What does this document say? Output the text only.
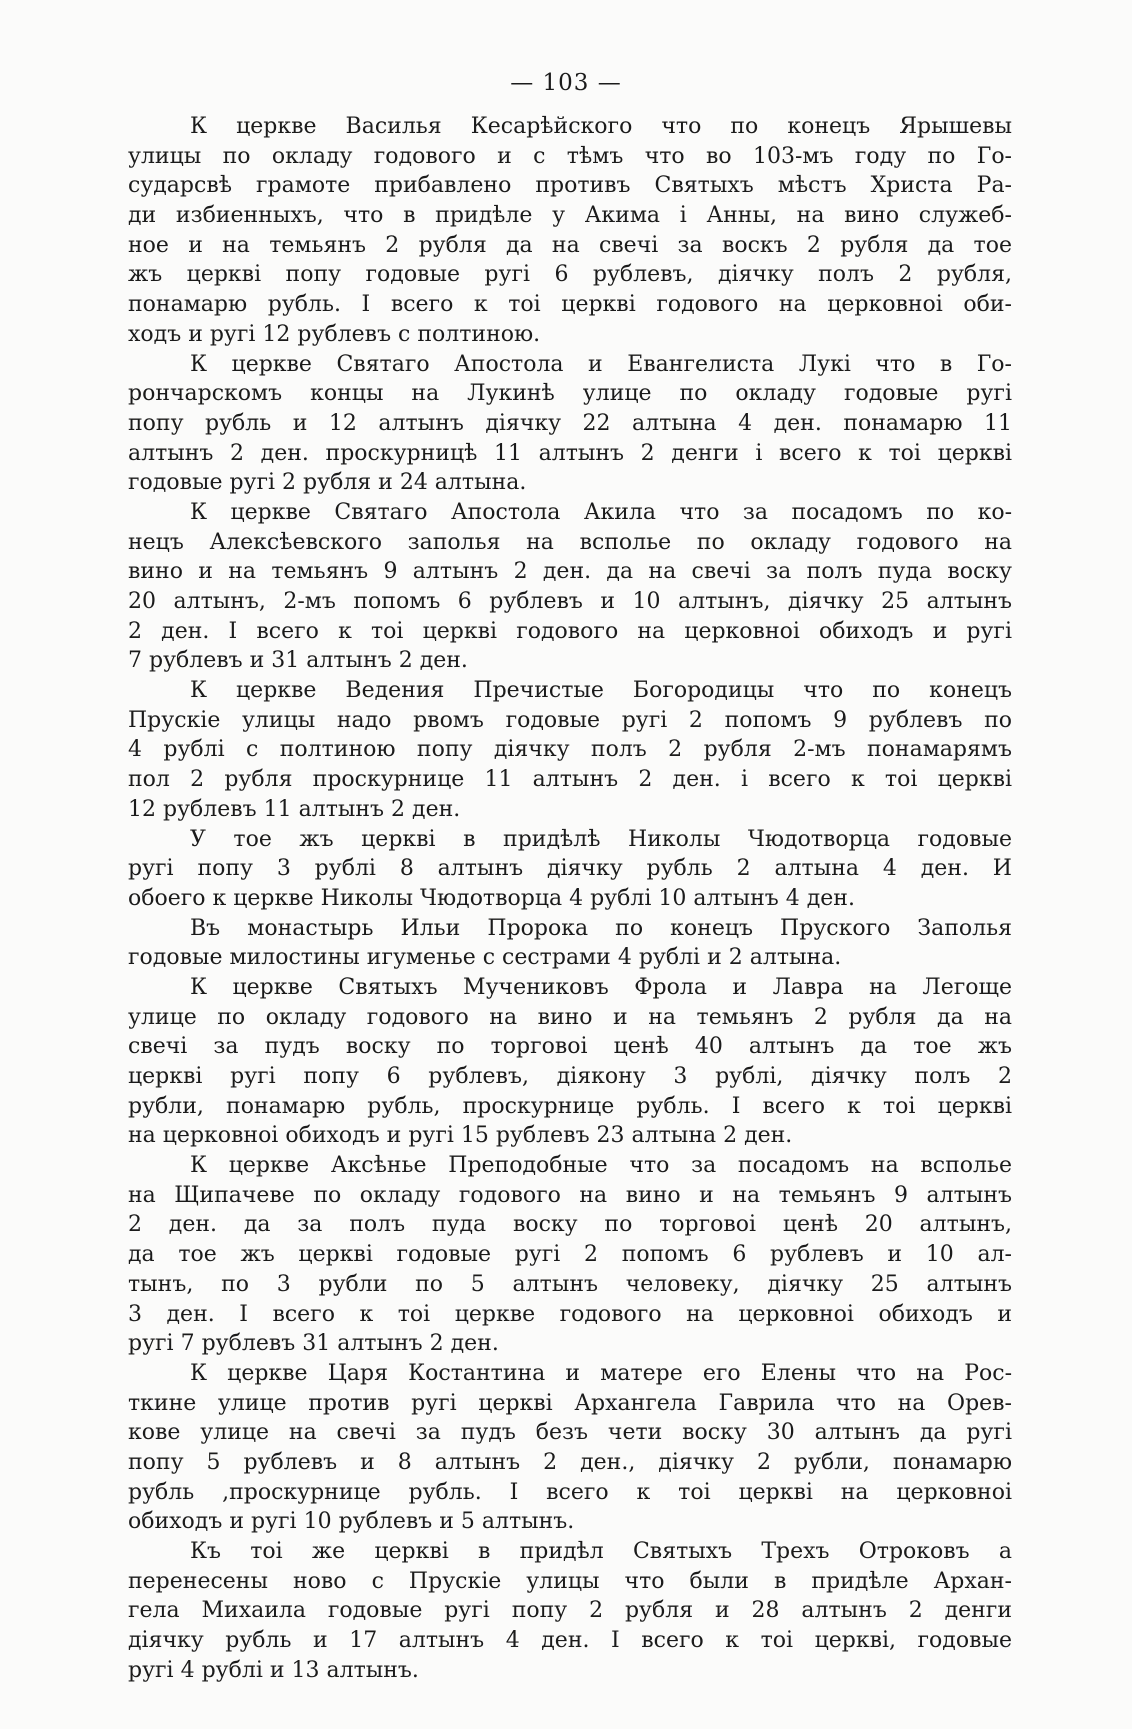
— 103 —

К церкве Василья Кесарѣйского что по конецъ Ярышевы
улицы по окладу годового и с тѣмъ что во 103-мъ году по Го-
сударсвѣ грамоте прибавлено противъ Святыхъ мѣстъ Христа Ра-
ди избиенныхъ, что в придѣле у Акима і Анны, на вино служеб-
ное и на темьянъ 2 рубля да на свечі за воскъ 2 рубля да тое
жъ церкві попу годовые ругі 6 рублевъ, діячку полъ 2 рубля,
понамарю рубль. І всего к тоі церкві годового на церковноі оби-
ходъ и ругі 12 рублевъ с полтиною.

К церкве Святаго Апостола и Евангелиста Лукі что в Го-
рончарскомъ концы на Лукинѣ улице по окладу годовые ругі
попу рубль и 12 алтынъ діячку 22 алтына 4 ден. понамарю 11
алтынъ 2 ден. проскурницѣ 11 алтынъ 2 денги і всего к тоі церкві
годовые ругі 2 рубля и 24 алтына.

К церкве Святаго Апостола Акила что за посадомъ по ко-
нецъ Алексѣевского заполья на всполье по окладу годового на
вино и на темьянъ 9 алтынъ 2 ден. да на свечі за полъ пуда воску
20 алтынъ, 2-мъ попомъ 6 рублевъ и 10 алтынъ, діячку 25 алтынъ
2 ден. І всего к тоі церкві годового на церковноі обиходъ и ругі
7 рублевъ и 31 алтынъ 2 ден.

К церкве Ведения Пречистые Богородицы что по конецъ
Прускіе улицы надо рвомъ годовые ругі 2 попомъ 9 рублевъ по
4 рублі с полтиною попу діячку полъ 2 рубля 2-мъ понамарямъ
пол 2 рубля проскурнице 11 алтынъ 2 ден. і всего к тоі церкві
12 рублевъ 11 алтынъ 2 ден.

У тое жъ церкві в придѣлѣ Николы Чюдотворца годовые
ругі попу 3 рублі 8 алтынъ діячку рубль 2 алтына 4 ден. И
обоего к церкве Николы Чюдотворца 4 рублі 10 алтынъ 4 ден.

Въ монастырь Ильи Пророка по конецъ Пруского Заполья
годовые милостины игуменье с сестрами 4 рублі и 2 алтына.

К церкве Святыхъ Мучениковъ Фрола и Лавра на Легоще
улице по окладу годового на вино и на темьянъ 2 рубля да на
свечі за пудъ воску по торговоі ценѣ 40 алтынъ да тое жъ
церкві ругі попу 6 рублевъ, діякону 3 рублі, діячку полъ 2
рубли, понамарю рубль, проскурнице рубль. І всего к тоі церкві
на церковноі обиходъ и ругі 15 рублевъ 23 алтына 2 ден.

К церкве Аксѣнье Преподобные что за посадомъ на всполье
на Щипачеве по окладу годового на вино и на темьянъ 9 алтынъ
2 ден. да за полъ пуда воску по торговоі ценѣ 20 алтынъ,
да тое жъ церкві годовые ругі 2 попомъ 6 рублевъ и 10 ал-
тынъ, по 3 рубли по 5 алтынъ человеку, діячку 25 алтынъ
3 ден. І всего к тоі церкве годового на церковноі обиходъ и
ругі 7 рублевъ 31 алтынъ 2 ден.

К церкве Царя Костантина и матере его Елены что на Рос-
ткине улице против ругі церкві Архангела Гаврила что на Орев-
кове улице на свечі за пудъ безъ чети воску 30 алтынъ да ругі
попу 5 рублевъ и 8 алтынъ 2 ден., діячку 2 рубли, понамарю
рубль ,проскурнице рубль. І всего к тоі церкві на церковноі
обиходъ и ругі 10 рублевъ и 5 алтынъ.

Къ тоі же церкві в придѣл Святыхъ Трехъ Отроковъ а
перенесены ново с Прускіе улицы что были в придѣле Архан-
гела Михаила годовые ругі попу 2 рубля и 28 алтынъ 2 денги
діячку рубль и 17 алтынъ 4 ден. І всего к тоі церкві, годовые
ругі 4 рублі и 13 алтынъ.
